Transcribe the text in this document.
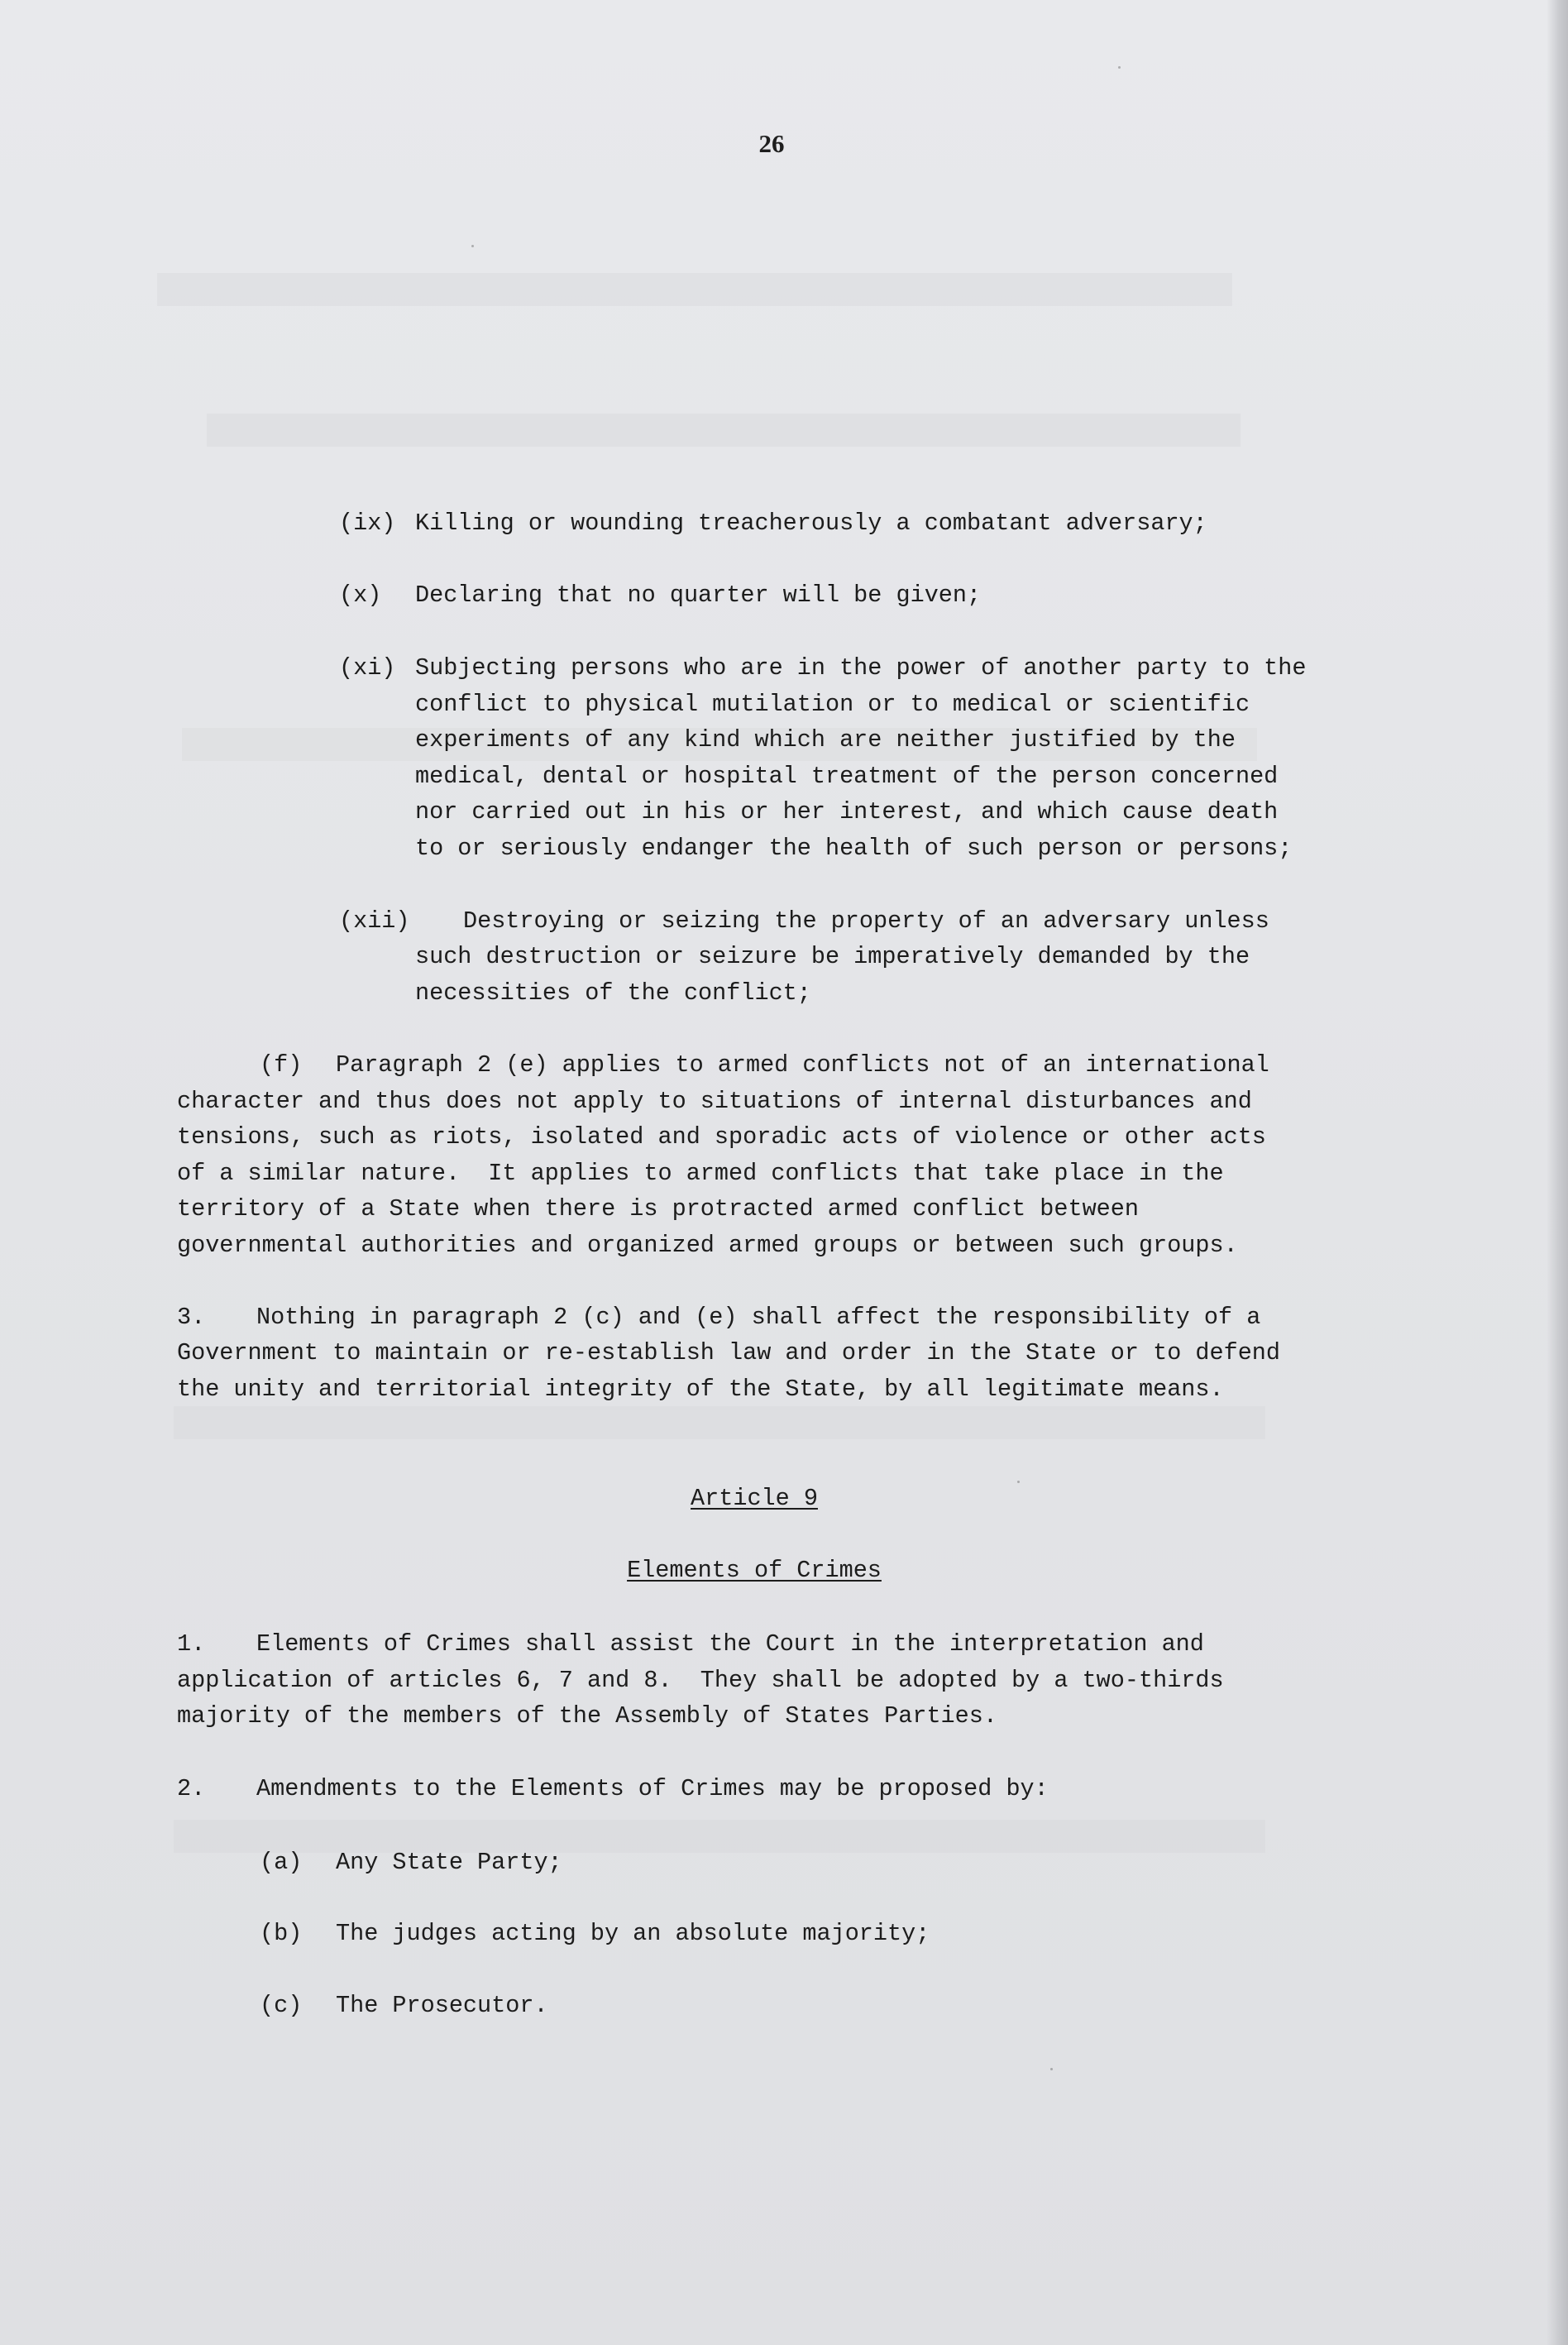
26
(ix) Killing or wounding treacherously a combatant adversary;
(x) Declaring that no quarter will be given;
(xi) Subjecting persons who are in the power of another party to the
conflict to physical mutilation or to medical or scientific
experiments of any kind which are neither justified by the
medical, dental or hospital treatment of the person concerned
nor carried out in his or her interest, and which cause death
to or seriously endanger the health of such person or persons;
(xii) Destroying or seizing the property of an adversary unless
such destruction or seizure be imperatively demanded by the
necessities of the conflict;
(f) Paragraph 2 (e) applies to armed conflicts not of an international
character and thus does not apply to situations of internal disturbances and
tensions, such as riots, isolated and sporadic acts of violence or other acts
of a similar nature.  It applies to armed conflicts that take place in the
territory of a State when there is protracted armed conflict between
governmental authorities and organized armed groups or between such groups.
3. Nothing in paragraph 2 (c) and (e) shall affect the responsibility of a
Government to maintain or re-establish law and order in the State or to defend
the unity and territorial integrity of the State, by all legitimate means.
Article 9
Elements of Crimes
1. Elements of Crimes shall assist the Court in the interpretation and
application of articles 6, 7 and 8.  They shall be adopted by a two-thirds
majority of the members of the Assembly of States Parties.
2. Amendments to the Elements of Crimes may be proposed by:
(a) Any State Party;
(b) The judges acting by an absolute majority;
(c) The Prosecutor.
